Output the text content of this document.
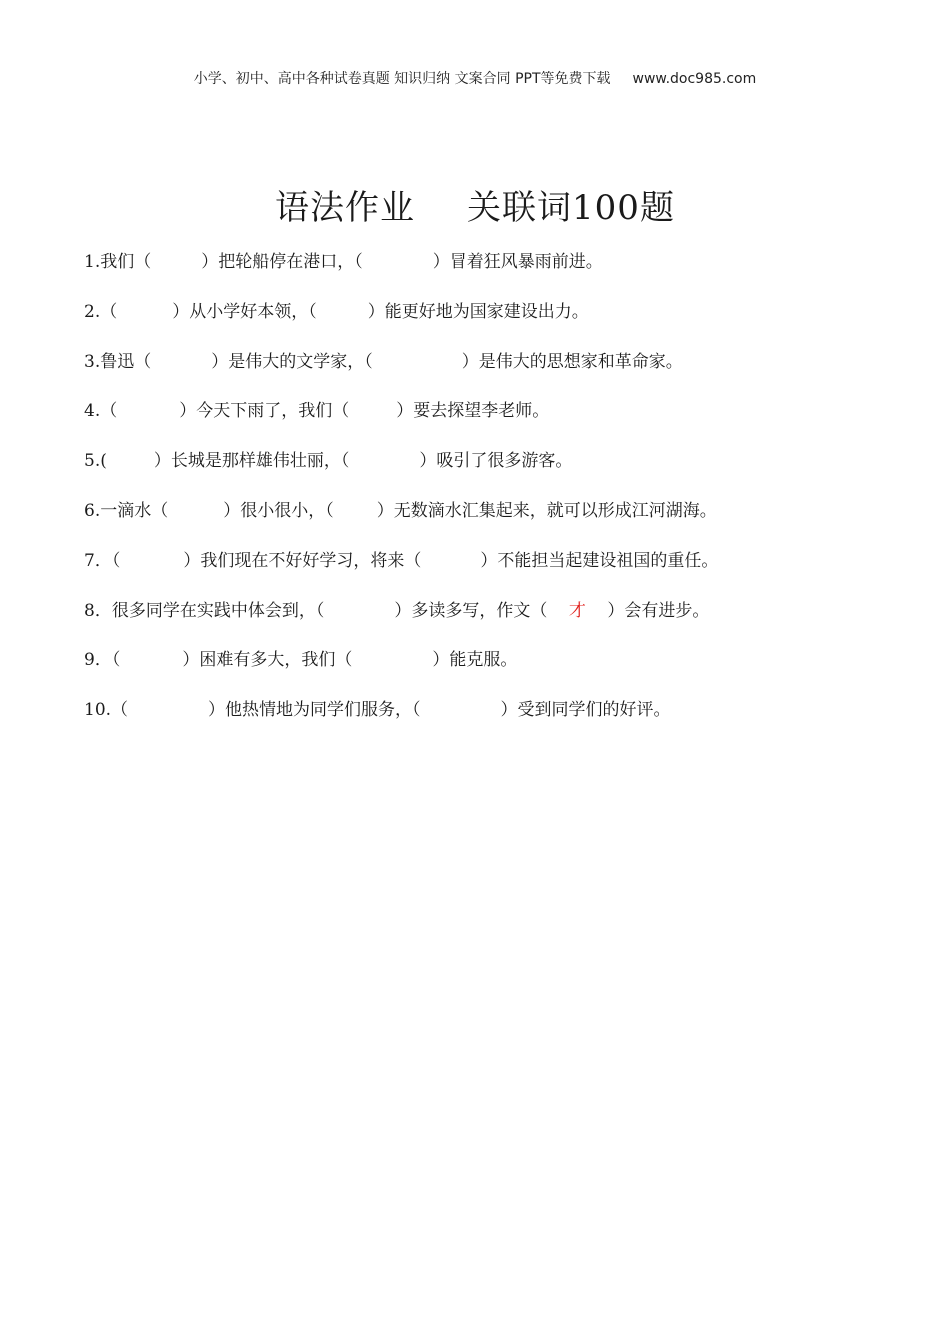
小学、初中、高中各种试卷真题 知识归纳 文案合同 PPT等免费下载 www.doc985.com
语法作业 关联词100题
1.我们（	）把轮船停在港口，（	）冒着狂风暴雨前进。
2.（	）从小学好本领，（	）能更好地为国家建设出力。
3.鲁迅（	）是伟大的文学家，（	）是伟大的思想家和革命家。
4.（	）今天下雨了，我们（	）要去探望李老师。
5.(	）长城是那样雄伟壮丽，（	）吸引了很多游客。
6.一滴水（	）很小很小，（	）无数滴水汇集起来，就可以形成江河湖海。
7．（	）我们现在不好好学习，将来（	）不能担当起建设祖国的重任。
8．很多同学在实践中体会到，（	）多读多写，作文（ 才 ）会有进步。
9．（	）困难有多大，我们（	）能克服。
10.（	）他热情地为同学们服务，（	）受到同学们的好评。
